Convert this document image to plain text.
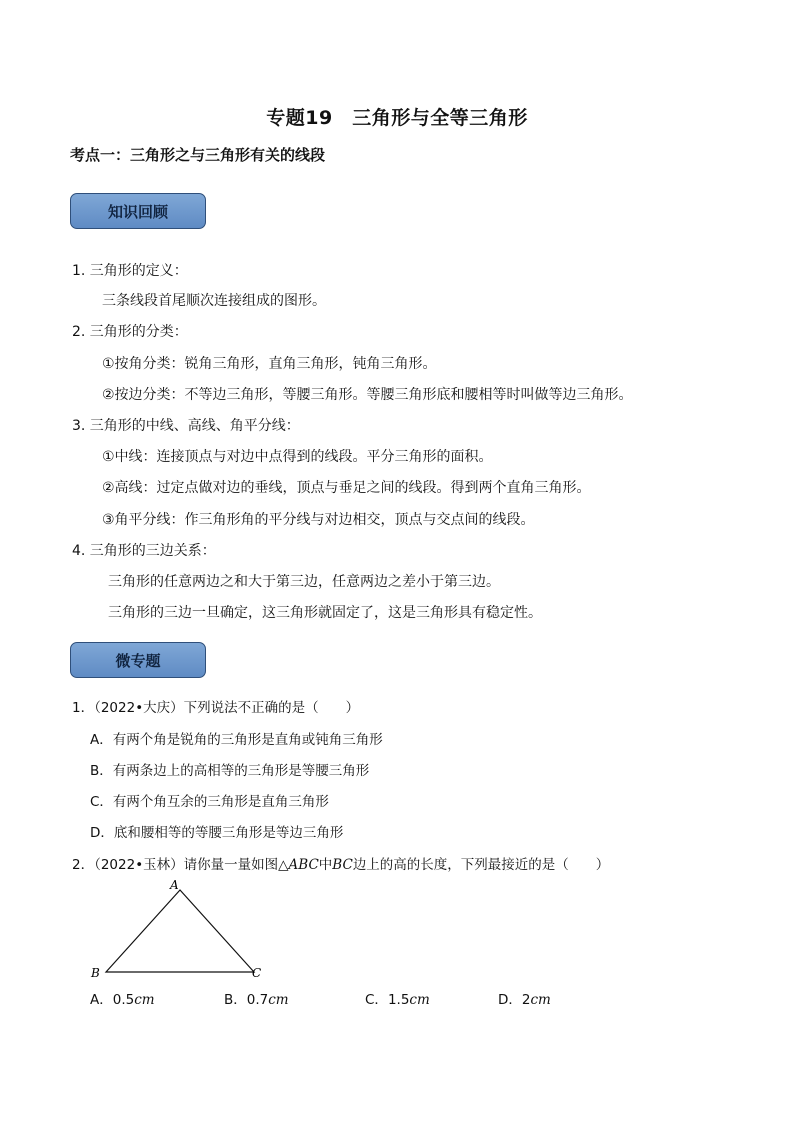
专题19　三角形与全等三角形
考点一：三角形之与三角形有关的线段
知识回顾
1. 三角形的定义：
三条线段首尾顺次连接组成的图形。
2. 三角形的分类：
①按角分类：锐角三角形，直角三角形，钝角三角形。
②按边分类：不等边三角形，等腰三角形。等腰三角形底和腰相等时叫做等边三角形。
3. 三角形的中线、高线、角平分线：
①中线：连接顶点与对边中点得到的线段。平分三角形的面积。
②高线：过定点做对边的垂线，顶点与垂足之间的线段。得到两个直角三角形。
③角平分线：作三角形角的平分线与对边相交，顶点与交点间的线段。
4. 三角形的三边关系：
三角形的任意两边之和大于第三边，任意两边之差小于第三边。
三角形的三边一旦确定，这三角形就固定了，这是三角形具有稳定性。
微专题
1．（2022•大庆）下列说法不正确的是（　　）
A．有两个角是锐角的三角形是直角或钝角三角形
B．有两条边上的高相等的三角形是等腰三角形
C．有两个角互余的三角形是直角三角形
D．底和腰相等的等腰三角形是等边三角形
2．（2022•玉林）请你量一量如图△ABC中BC边上的高的长度，下列最接近的是（　　）
A
B	C
A．0.5cm	B．0.7cm	C．1.5cm	D．2cm
